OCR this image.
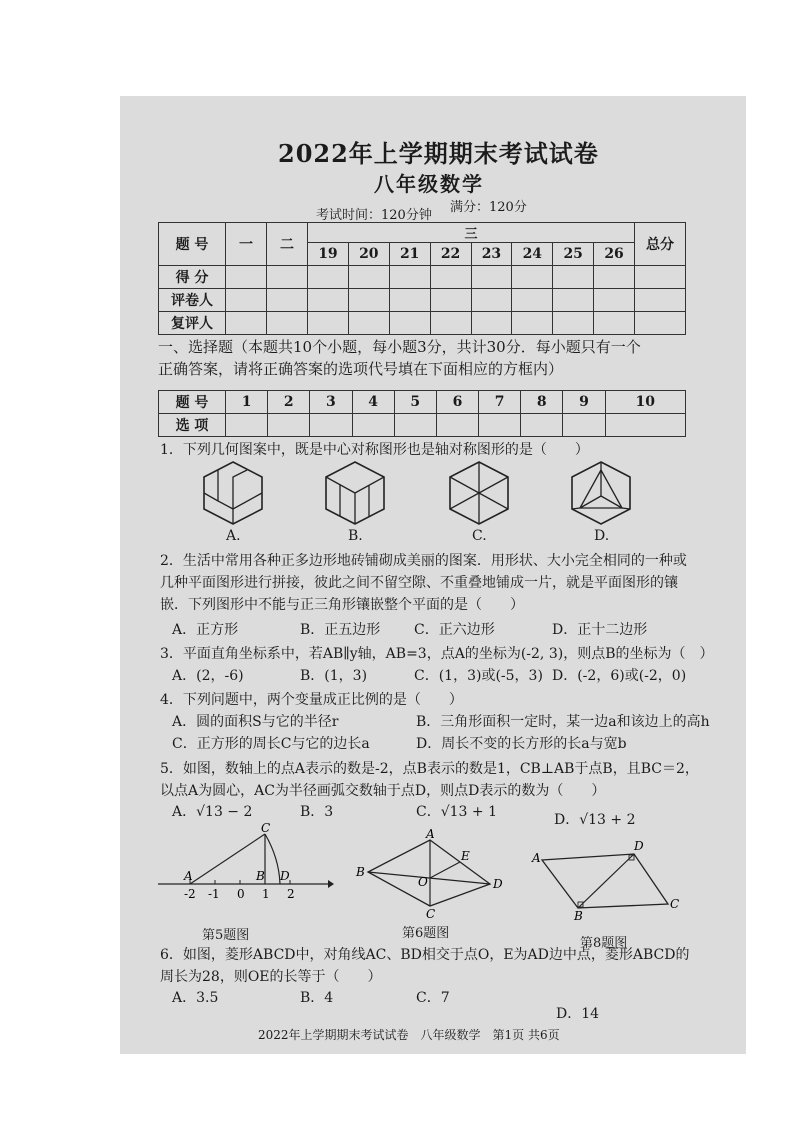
2022年上学期期末考试试卷
八年级数学
考试时间：120分钟
满分：120分
题 号	一	二	三								总分
			19	20	21	22	23	24	25	26	
得 分											
评卷人											
复评人											
一、选择题（本题共10个小题，每小题3分，共计30分．每小题只有一个
正确答案，请将正确答案的选项代号填在下面相应的方框内）
题 号	1	2	3	4	5	6	7	8	9	10
选 项										
1．下列几何图案中，既是中心对称图形也是轴对称图形的是（　　）
A.	B.	C.	D.
2．生活中常用各种正多边形地砖铺砌成美丽的图案．用形状、大小完全相同的一种或
几种平面图形进行拼接，彼此之间不留空隙、不重叠地铺成一片，就是平面图形的镶
嵌．下列图形中不能与正三角形镶嵌整个平面的是（　　）
A．正方形	B．正五边形 C．正六边形	D．正十二边形
3．平面直角坐标系中，若AB∥y轴，AB=3，点A的坐标为(-2, 3)，则点B的坐标为（　）
A．(2，-6)	B．(1，3)	C．(1，3)或(-5，3) D．(-2，6)或(-2，0)
4．下列问题中，两个变量成正比例的是（　　）
A．圆的面积S与它的半径r	B．三角形面积一定时，某一边a和该边上的高h
C．正方形的周长C与它的边长a	D．周长不变的长方形的长a与宽b
5．如图，数轴上的点A表示的数是-2，点B表示的数是1，CB⊥AB于点B，且BC＝2，
以点A为圆心，AC为半径画弧交数轴于点D，则点D表示的数为（　　）
A．√13 − 2	B．3	C．√13 + 1	D．√13 + 2
C
A	B D
-2 -1 0 1 2
第5题图
A
B
C
D
E
O
第6题图
A
B
C
D
第8题图
6．如图，菱形ABCD中，对角线AC、BD相交于点O，E为AD边中点，菱形ABCD的
周长为28，则OE的长等于（　　）
A．3.5	B．4	C．7
D．14
2022年上学期期末考试试卷　八年级数学　第1页 共6页
